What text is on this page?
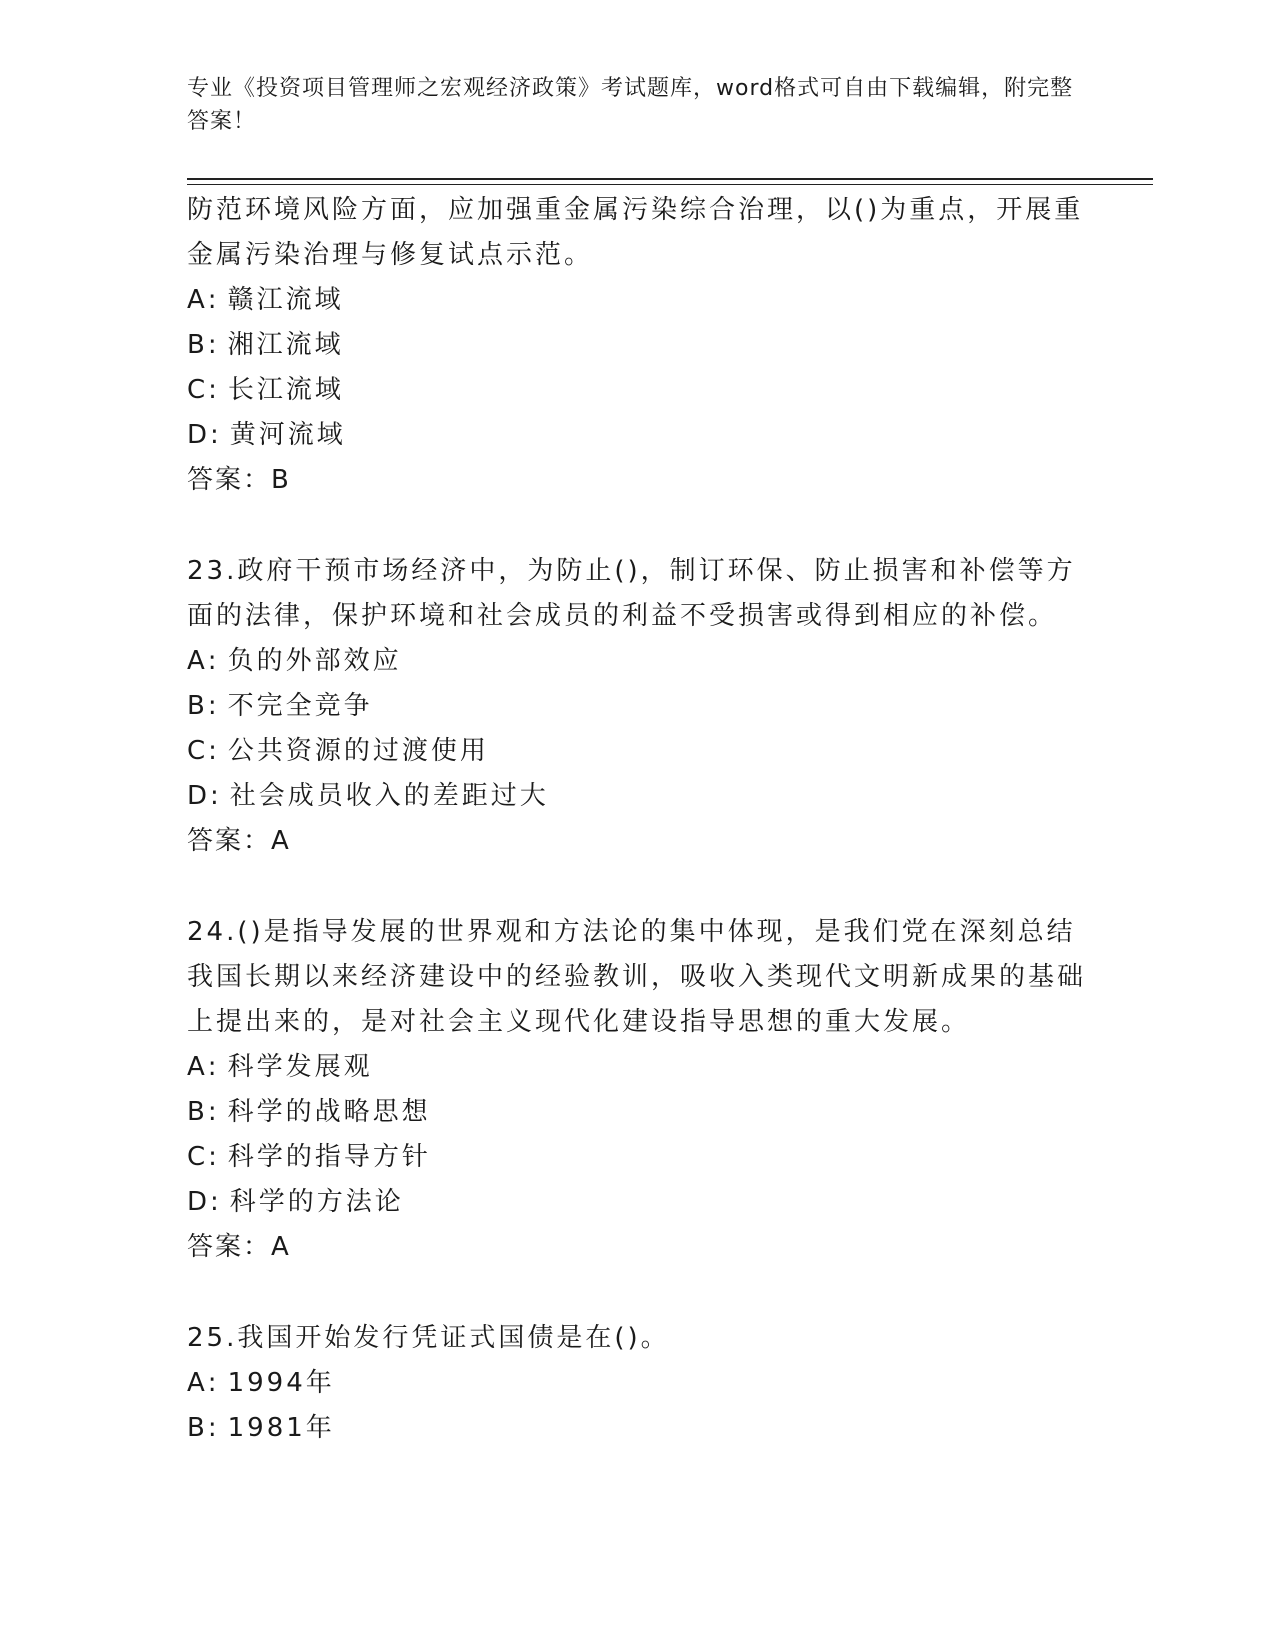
专业《投资项目管理师之宏观经济政策》考试题库，word格式可自由下载编辑，附完整答案！
防范环境风险方面，应加强重金属污染综合治理，以()为重点，开展重金属污染治理与修复试点示范。
A: 赣江流域
B: 湘江流域
C: 长江流域
D: 黄河流域
答案：B
23.政府干预市场经济中，为防止()，制订环保、防止损害和补偿等方面的法律，保护环境和社会成员的利益不受损害或得到相应的补偿。
A: 负的外部效应
B: 不完全竞争
C: 公共资源的过渡使用
D: 社会成员收入的差距过大
答案：A
24.()是指导发展的世界观和方法论的集中体现，是我们党在深刻总结我国长期以来经济建设中的经验教训，吸收入类现代文明新成果的基础上提出来的，是对社会主义现代化建设指导思想的重大发展。
A: 科学发展观
B: 科学的战略思想
C: 科学的指导方针
D: 科学的方法论
答案：A
25.我国开始发行凭证式国债是在()。
A: 1994年
B: 1981年
